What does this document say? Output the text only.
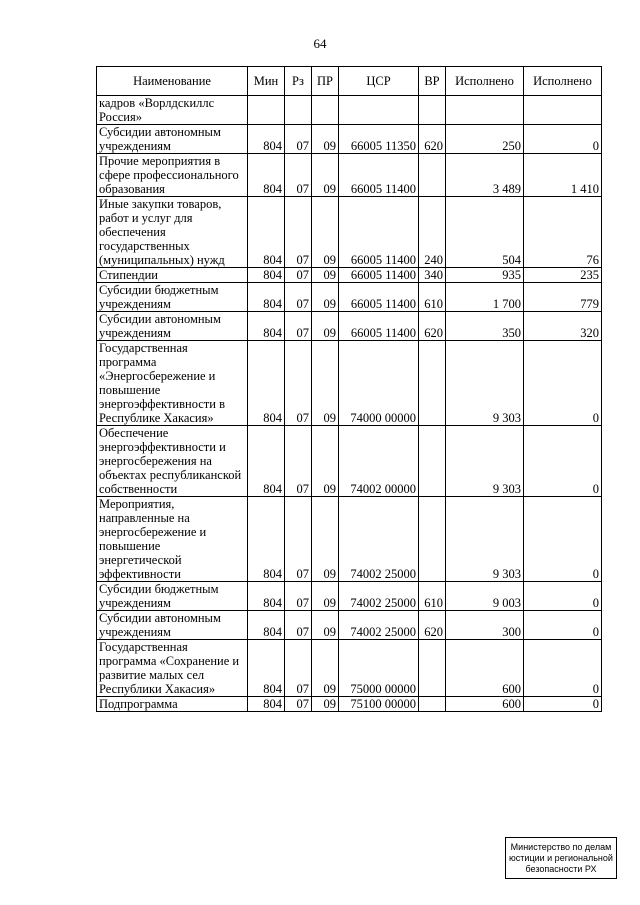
64
Наименование	Мин	Рз	ПР	ЦСР	ВР	Исполнено	Исполнено
кадров «Ворлдскиллс Россия»							
Субсидии автономным учреждениям	804	07	09	66005 11350	620	250	0
Прочие мероприятия в сфере профессионального образования	804	07	09	66005 11400		3 489	1 410
Иные закупки товаров, работ и услуг для обеспечения государственных (муниципальных) нужд	804	07	09	66005 11400	240	504	76
Стипендии	804	07	09	66005 11400	340	935	235
Субсидии бюджетным учреждениям	804	07	09	66005 11400	610	1 700	779
Субсидии автономным учреждениям	804	07	09	66005 11400	620	350	320
Государственная программа «Энергосбережение и повышение энергоэффективности в Республике Хакасия»	804	07	09	74000 00000		9 303	0
Обеспечение энергоэффективности и энергосбережения на объектах республиканской собственности	804	07	09	74002 00000		9 303	0
Мероприятия, направленные на энергосбережение и повышение энергетической эффективности	804	07	09	74002 25000		9 303	0
Субсидии бюджетным учреждениям	804	07	09	74002 25000	610	9 003	0
Субсидии автономным учреждениям	804	07	09	74002 25000	620	300	0
Государственная программа «Сохранение и развитие малых сел Республики Хакасия»	804	07	09	75000 00000		600	0
Подпрограмма	804	07	09	75100 00000		600	0
Министерство по делам
юстиции и региональной
безопасности РХ
